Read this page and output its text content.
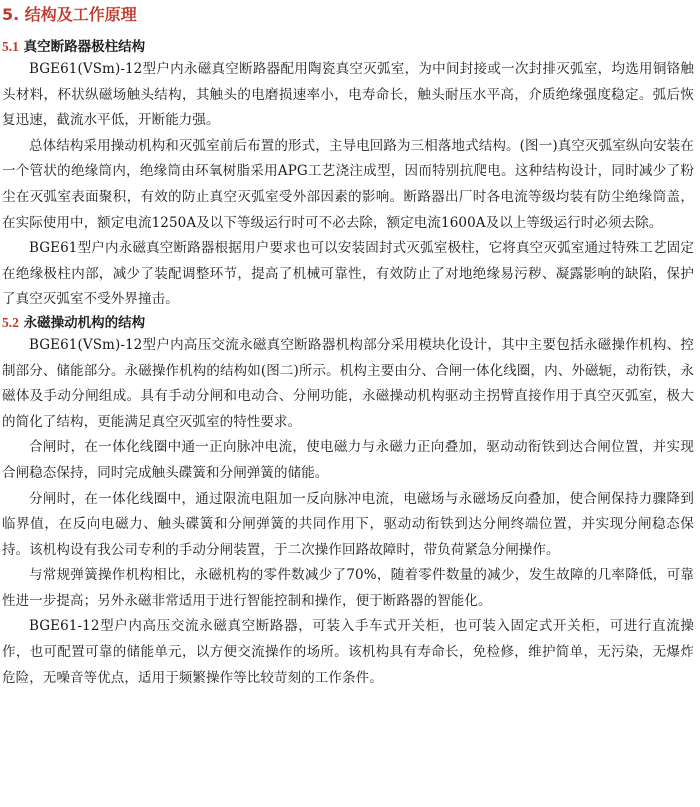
5. 结构及工作原理
5.1 真空断路器极柱结构

BGE61(VSm)-12型户内永磁真空断路器配用陶瓷真空灭弧室，为中间封接或一次封排灭弧室，均选用铜铬触头材料，杯状纵磁场触头结构，其触头的电磨损速率小，电寿命长，触头耐压水平高，介质绝缘强度稳定。弧后恢复迅速，截流水平低，开断能力强。

总体结构采用操动机构和灭弧室前后布置的形式，主导电回路为三相落地式结构。(图一)真空灭弧室纵向安装在一个管状的绝缘筒内，绝缘筒由环氧树脂采用APG工艺浇注成型，因而特别抗爬电。这种结构设计，同时减少了粉尘在灭弧室表面聚积，有效的防止真空灭弧室受外部因素的影响。断路器出厂时各电流等级均装有防尘绝缘筒盖，在实际使用中，额定电流1250A及以下等级运行时可不必去除，额定电流1600A及以上等级运行时必须去除。

BGE61型户内永磁真空断路器根据用户要求也可以安装固封式灭弧室极柱，它将真空灭弧室通过特殊工艺固定在绝缘极柱内部，减少了装配调整环节，提高了机械可靠性，有效防止了对地绝缘易污秽、凝露影响的缺陷，保护了真空灭弧室不受外界撞击。

5.2 永磁操动机构的结构

BGE61(VSm)-12型户内高压交流永磁真空断路器机构部分采用模块化设计，其中主要包括永磁操作机构、控制部分、储能部分。永磁操作机构的结构如(图二)所示。机构主要由分、合闸一体化线圈，内、外磁轭，动衔铁，永磁体及手动分闸组成。具有手动分闸和电动合、分闸功能，永磁操动机构驱动主拐臂直接作用于真空灭弧室，极大的简化了结构，更能满足真空灭弧室的特性要求。

合闸时，在一体化线圈中通一正向脉冲电流，使电磁力与永磁力正向叠加，驱动动衔铁到达合闸位置，并实现合闸稳态保持，同时完成触头碟簧和分闸弹簧的储能。

分闸时，在一体化线圈中，通过限流电阻加一反向脉冲电流，电磁场与永磁场反向叠加，使合闸保持力骤降到临界值，在反向电磁力、触头碟簧和分闸弹簧的共同作用下，驱动动衔铁到达分闸终端位置，并实现分闸稳态保持。该机构设有我公司专利的手动分闸装置，于二次操作回路故障时，带负荷紧急分闸操作。

与常规弹簧操作机构相比，永磁机构的零件数减少了70%，随着零件数量的减少，发生故障的几率降低，可靠性进一步提高；另外永磁非常适用于进行智能控制和操作，便于断路器的智能化。

BGE61-12型户内高压交流永磁真空断路器，可装入手车式开关柜，也可装入固定式开关柜，可进行直流操作，也可配置可靠的储能单元，以方便交流操作的场所。该机构具有寿命长，免检修，维护简单，无污染，无爆炸危险，无噪音等优点，适用于频繁操作等比较苛刻的工作条件。
